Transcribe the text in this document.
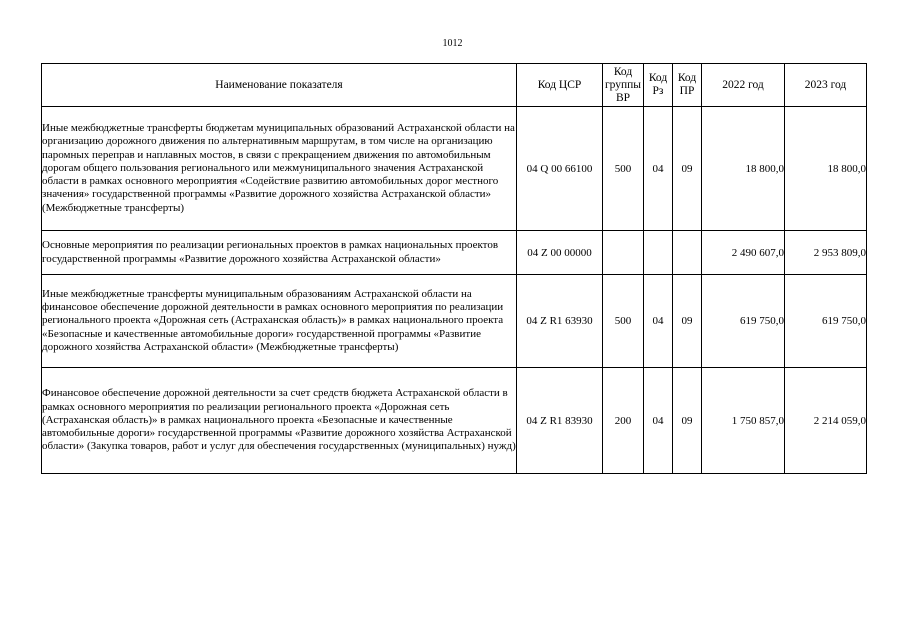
1012
Наименование показателя	Код ЦСР	Код группы ВР	Код Рз	Код ПР	2022 год	2023 год
Иные межбюджетные трансферты бюджетам муниципальных образований Астраханской области на организацию дорожного движения по альтернативным маршрутам, в том числе на организацию паромных переправ и наплавных мостов, в связи с прекращением движения по автомобильным дорогам общего пользования регионального или межмуниципального значения Астраханской области в рамках основного мероприятия «Содействие развитию автомобильных дорог местного значения» государственной программы «Развитие дорожного хозяйства Астраханской области» (Межбюджетные трансферты)	04 Q 00 66100	500	04	09	18 800,0	18 800,0
Основные мероприятия по реализации региональных проектов в рамках национальных проектов государственной программы «Развитие дорожного хозяйства Астраханской области»	04 Z 00 00000				2 490 607,0	2 953 809,0
Иные межбюджетные трансферты муниципальным образованиям Астраханской области на финансовое обеспечение дорожной деятельности в рамках основного мероприятия по реализации регионального проекта «Дорожная сеть (Астраханская область)» в рамках национального проекта «Безопасные и качественные автомобильные дороги» государственной программы «Развитие дорожного хозяйства Астраханской области» (Межбюджетные трансферты)	04 Z R1 63930	500	04	09	619 750,0	619 750,0
Финансовое обеспечение дорожной деятельности за счет средств бюджета Астраханской области в рамках основного мероприятия по реализации регионального проекта «Дорожная сеть (Астраханская область)» в рамках национального проекта «Безопасные и качественные автомобильные дороги» государственной программы «Развитие дорожного хозяйства Астраханской области» (Закупка товаров, работ и услуг для обеспечения государственных (муниципальных) нужд)	04 Z R1 83930	200	04	09	1 750 857,0	2 214 059,0
